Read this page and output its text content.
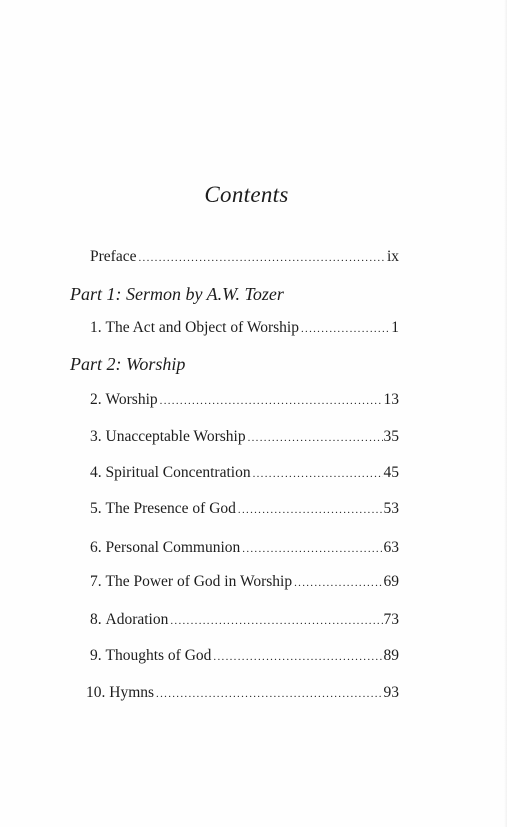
Contents
Preface .....	ix
Part 1: Sermon by A.W. Tozer
1.
The Act and Object of Worship .....	1
Part 2: Worship
2.
Worship .....	13
3.
Unacceptable Worship .....	35
4.
Spiritual Concentration .....	45
5.
The Presence of God .....	53
6.
Personal Communion .....	63
7.
The Power of God in Worship .....	69
8.
Adoration .....	73
9.
Thoughts of God .....	89
10.
Hymns .....	93
